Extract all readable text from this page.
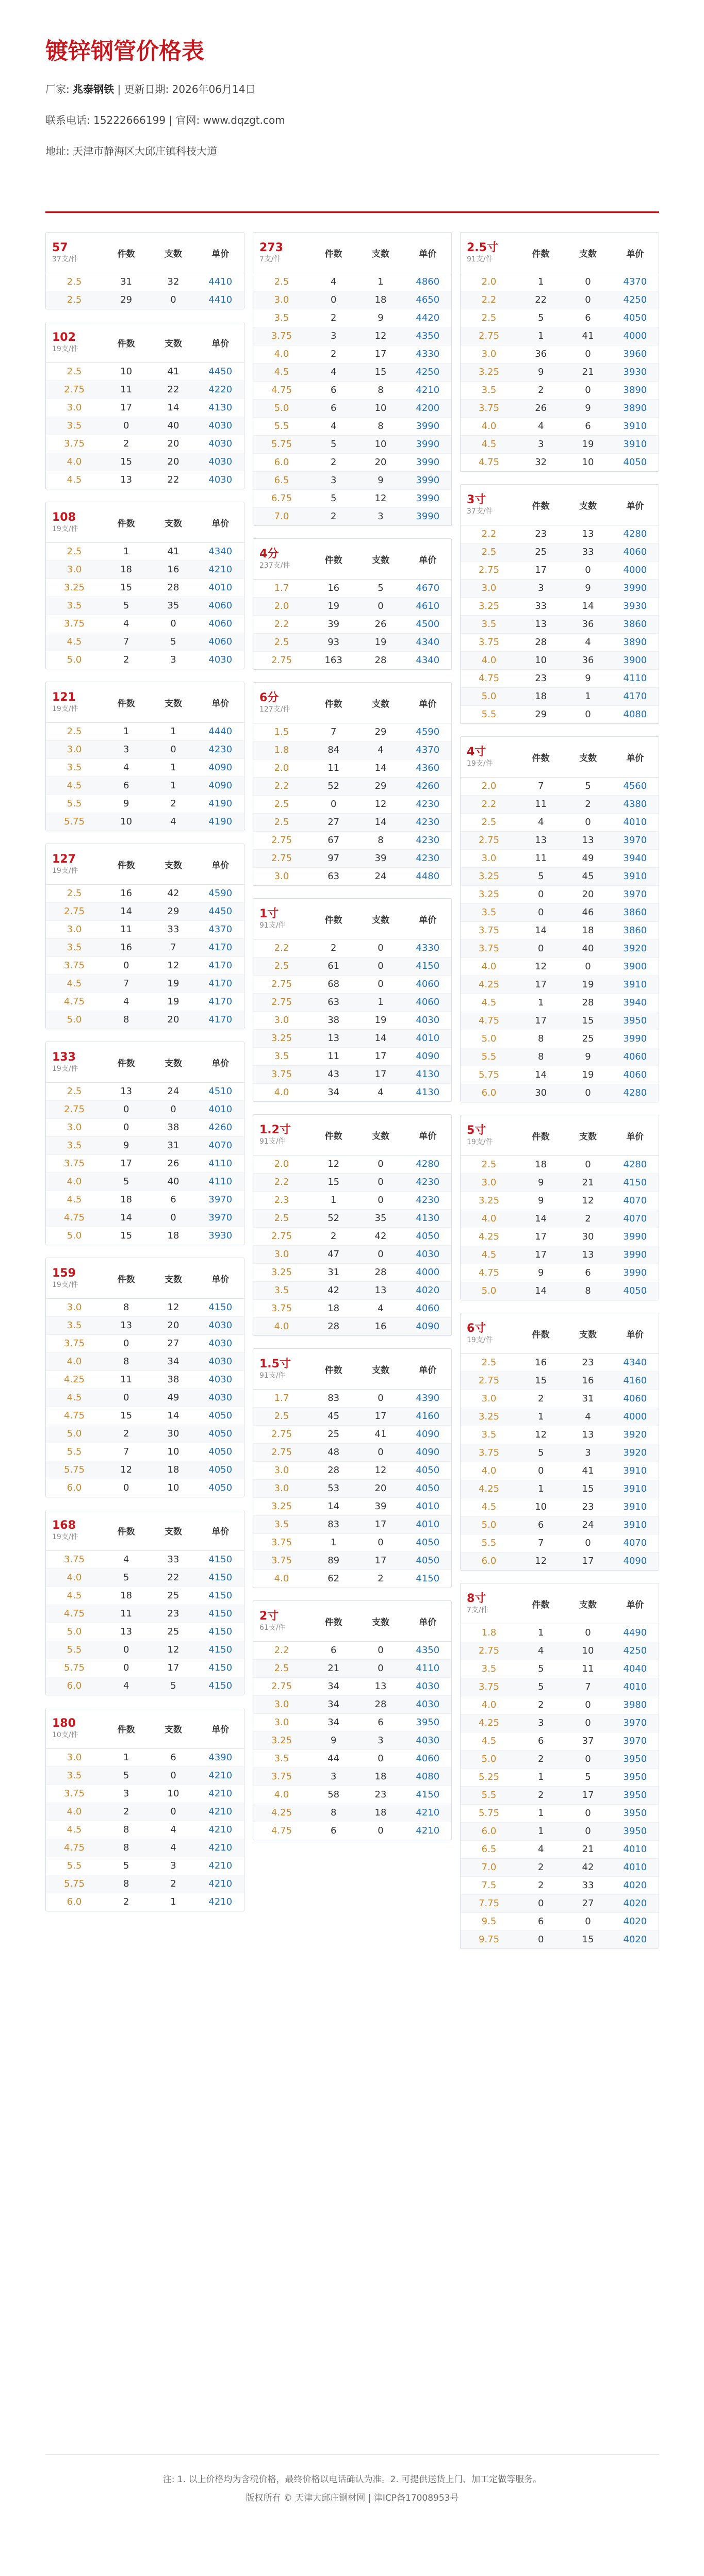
镀锌钢管价格表
厂家: 兆泰钢铁 | 更新日期: 2026年06月14日
联系电话: 15222666199 | 官网: www.dqzgt.com
地址: 天津市静海区大邱庄镇科技大道
57
37支/件
件数	支数	单价
2.5	31	32	4410
2.5	29	0	4410
102
19支/件
件数	支数	单价
2.5	10	41	4450
2.75	11	22	4220
3.0	17	14	4130
3.5	0	40	4030
3.75	2	20	4030
4.0	15	20	4030
4.5	13	22	4030
108
19支/件
件数	支数	单价
2.5	1	41	4340
3.0	18	16	4210
3.25	15	28	4010
3.5	5	35	4060
3.75	4	0	4060
4.5	7	5	4060
5.0	2	3	4030
121
19支/件
件数	支数	单价
2.5	1	1	4440
3.0	3	0	4230
3.5	4	1	4090
4.5	6	1	4090
5.5	9	2	4190
5.75	10	4	4190
127
19支/件
件数	支数	单价
2.5	16	42	4590
2.75	14	29	4450
3.0	11	33	4370
3.5	16	7	4170
3.75	0	12	4170
4.5	7	19	4170
4.75	4	19	4170
5.0	8	20	4170
133
19支/件
件数	支数	单价
2.5	13	24	4510
2.75	0	0	4010
3.0	0	38	4260
3.5	9	31	4070
3.75	17	26	4110
4.0	5	40	4110
4.5	18	6	3970
4.75	14	0	3970
5.0	15	18	3930
159
19支/件
件数	支数	单价
3.0	8	12	4150
3.5	13	20	4030
3.75	0	27	4030
4.0	8	34	4030
4.25	11	38	4030
4.5	0	49	4030
4.75	15	14	4050
5.0	2	30	4050
5.5	7	10	4050
5.75	12	18	4050
6.0	0	10	4050
168
19支/件
件数	支数	单价
3.75	4	33	4150
4.0	5	22	4150
4.5	18	25	4150
4.75	11	23	4150
5.0	13	25	4150
5.5	0	12	4150
5.75	0	17	4150
6.0	4	5	4150
180
10支/件
件数	支数	单价
3.0	1	6	4390
3.5	5	0	4210
3.75	3	10	4210
4.0	2	0	4210
4.5	8	4	4210
4.75	8	4	4210
5.5	5	3	4210
5.75	8	2	4210
6.0	2	1	4210
273
7支/件
件数	支数	单价
2.5	4	1	4860
3.0	0	18	4650
3.5	2	9	4420
3.75	3	12	4350
4.0	2	17	4330
4.5	4	15	4250
4.75	6	8	4210
5.0	6	10	4200
5.5	4	8	3990
5.75	5	10	3990
6.0	2	20	3990
6.5	3	9	3990
6.75	5	12	3990
7.0	2	3	3990
4分
237支/件
件数	支数	单价
1.7	16	5	4670
2.0	19	0	4610
2.2	39	26	4500
2.5	93	19	4340
2.75	163	28	4340
6分
127支/件
件数	支数	单价
1.5	7	29	4590
1.8	84	4	4370
2.0	11	14	4360
2.2	52	29	4260
2.5	0	12	4230
2.5	27	14	4230
2.75	67	8	4230
2.75	97	39	4230
3.0	63	24	4480
1寸
91支/件
件数	支数	单价
2.2	2	0	4330
2.5	61	0	4150
2.75	68	0	4060
2.75	63	1	4060
3.0	38	19	4030
3.25	13	14	4010
3.5	11	17	4090
3.75	43	17	4130
4.0	34	4	4130
1.2寸
91支/件
件数	支数	单价
2.0	12	0	4280
2.2	15	0	4230
2.3	1	0	4230
2.5	52	35	4130
2.75	2	42	4050
3.0	47	0	4030
3.25	31	28	4000
3.5	42	13	4020
3.75	18	4	4060
4.0	28	16	4090
1.5寸
91支/件
件数	支数	单价
1.7	83	0	4390
2.5	45	17	4160
2.75	25	41	4090
2.75	48	0	4090
3.0	28	12	4050
3.0	53	20	4050
3.25	14	39	4010
3.5	83	17	4010
3.75	1	0	4050
3.75	89	17	4050
4.0	62	2	4150
2寸
61支/件
件数	支数	单价
2.2	6	0	4350
2.5	21	0	4110
2.75	34	13	4030
3.0	34	28	4030
3.0	34	6	3950
3.25	9	3	4030
3.5	44	0	4060
3.75	3	18	4080
4.0	58	23	4150
4.25	8	18	4210
4.75	6	0	4210
2.5寸
91支/件
件数	支数	单价
2.0	1	0	4370
2.2	22	0	4250
2.5	5	6	4050
2.75	1	41	4000
3.0	36	0	3960
3.25	9	21	3930
3.5	2	0	3890
3.75	26	9	3890
4.0	4	6	3910
4.5	3	19	3910
4.75	32	10	4050
3寸
37支/件
件数	支数	单价
2.2	23	13	4280
2.5	25	33	4060
2.75	17	0	4000
3.0	3	9	3990
3.25	33	14	3930
3.5	13	36	3860
3.75	28	4	3890
4.0	10	36	3900
4.75	23	9	4110
5.0	18	1	4170
5.5	29	0	4080
4寸
19支/件
件数	支数	单价
2.0	7	5	4560
2.2	11	2	4380
2.5	4	0	4010
2.75	13	13	3970
3.0	11	49	3940
3.25	5	45	3910
3.25	0	20	3970
3.5	0	46	3860
3.75	14	18	3860
3.75	0	40	3920
4.0	12	0	3900
4.25	17	19	3910
4.5	1	28	3940
4.75	17	15	3950
5.0	8	25	3990
5.5	8	9	4060
5.75	14	19	4060
6.0	30	0	4280
5寸
19支/件
件数	支数	单价
2.5	18	0	4280
3.0	9	21	4150
3.25	9	12	4070
4.0	14	2	4070
4.25	17	30	3990
4.5	17	13	3990
4.75	9	6	3990
5.0	14	8	4050
6寸
19支/件
件数	支数	单价
2.5	16	23	4340
2.75	15	16	4160
3.0	2	31	4060
3.25	1	4	4000
3.5	12	13	3920
3.75	5	3	3920
4.0	0	41	3910
4.25	1	15	3910
4.5	10	23	3910
5.0	6	24	3910
5.5	7	0	4070
6.0	12	17	4090
8寸
7支/件
件数	支数	单价
1.8	1	0	4490
2.75	4	10	4250
3.5	5	11	4040
3.75	5	7	4010
4.0	2	0	3980
4.25	3	0	3970
4.5	6	37	3970
5.0	2	0	3950
5.25	1	5	3950
5.5	2	17	3950
5.75	1	0	3950
6.0	1	0	3950
6.5	4	21	4010
7.0	2	42	4010
7.5	2	33	4020
7.75	0	27	4020
9.5	6	0	4020
9.75	0	15	4020
注: 1. 以上价格均为含税价格，最终价格以电话确认为准。2. 可提供送货上门、加工定做等服务。
版权所有 © 天津大邱庄钢材网 | 津ICP备17008953号
